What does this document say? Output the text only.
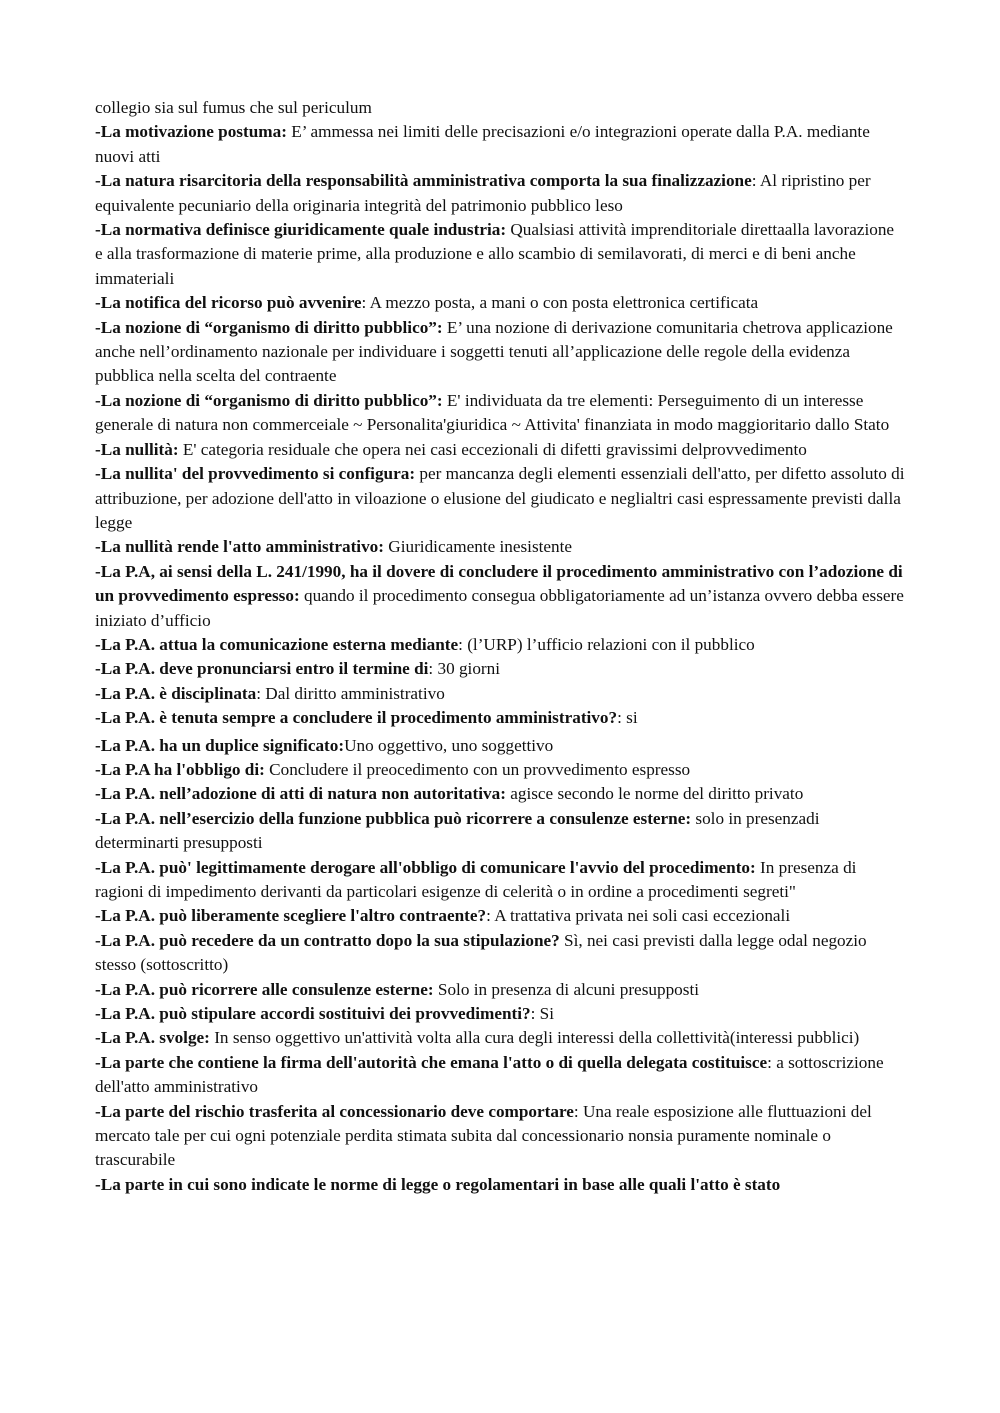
collegio sia sul fumus che sul periculum

-La motivazione postuma: E’ ammessa nei limiti delle precisazioni e/o integrazioni operate dalla P.A. mediante nuovi atti

-La natura risarcitoria della responsabilità amministrativa comporta la sua finalizzazione: Al ripristino per equivalente pecuniario della originaria integrità del patrimonio pubblico leso

-La normativa definisce giuridicamente quale industria: Qualsiasi attività imprenditoriale direttaalla lavorazione e alla trasformazione di materie prime, alla produzione e allo scambio di semilavorati, di merci e di beni anche immateriali

-La notifica del ricorso può avvenire: A mezzo posta, a mani o con posta elettronica certificata

-La nozione di “organismo di diritto pubblico”: E’ una nozione di derivazione comunitaria chetrova applicazione anche nell’ordinamento nazionale per individuare i soggetti tenuti all’applicazione delle regole della evidenza pubblica nella scelta del contraente

-La nozione di “organismo di diritto pubblico”: E' individuata da tre elementi: Perseguimento di un interesse generale di natura non commerceiale ~ Personalita'giuridica ~ Attivita' finanziata in modo maggioritario dallo Stato

-La nullità: E' categoria residuale che opera nei casi eccezionali di difetti gravissimi delprovvedimento

-La nullita' del provvedimento si configura: per mancanza degli elementi essenziali dell'atto, per difetto assoluto di attribuzione, per adozione dell'atto in viloazione o elusione del giudicato e neglialtri casi espressamente previsti dalla legge

-La nullità rende l'atto amministrativo: Giuridicamente inesistente

-La P.A, ai sensi della L. 241/1990, ha il dovere di concludere il procedimento amministrativo con l’adozione di un provvedimento espresso: quando il procedimento consegua obbligatoriamente ad un’istanza ovvero debba essere iniziato d’ufficio

-La P.A. attua la comunicazione esterna mediante: (l’URP) l’ufficio relazioni con il pubblico

-La P.A. deve pronunciarsi entro il termine di: 30 giorni

-La P.A. è disciplinata: Dal diritto amministrativo

-La P.A. è tenuta sempre a concludere il procedimento amministrativo?: si

-La P.A. ha un duplice significato:Uno oggettivo, uno soggettivo

-La P.A ha l'obbligo di: Concludere il preocedimento con un provvedimento espresso

-La P.A. nell’adozione di atti di natura non autoritativa: agisce secondo le norme del diritto privato

-La P.A. nell’esercizio della funzione pubblica può ricorrere a consulenze esterne: solo in presenzadi determinarti presupposti

-La P.A. può' legittimamente derogare all'obbligo di comunicare l'avvio del procedimento: In presenza di ragioni di impedimento derivanti da particolari esigenze di celerità o in ordine a procedimenti segreti"

-La P.A. può liberamente scegliere l'altro contraente?: A trattativa privata nei soli casi eccezionali

-La P.A. può recedere da un contratto dopo la sua stipulazione? Sì, nei casi previsti dalla legge odal negozio stesso (sottoscritto)

-La P.A. può ricorrere alle consulenze esterne: Solo in presenza di alcuni presupposti

-La P.A. può stipulare accordi sostituivi dei provvedimenti?: Si

-La P.A. svolge: In senso oggettivo un'attività volta alla cura degli interessi della collettività(interessi pubblici)

-La parte che contiene la firma dell'autorità che emana l'atto o di quella delegata costituisce: a sottoscrizione dell'atto amministrativo

-La parte del rischio trasferita al concessionario deve comportare: Una reale esposizione alle fluttuazioni del mercato tale per cui ogni potenziale perdita stimata subita dal concessionario nonsia puramente nominale o trascurabile

-La parte in cui sono indicate le norme di legge o regolamentari in base alle quali l'atto è stato
